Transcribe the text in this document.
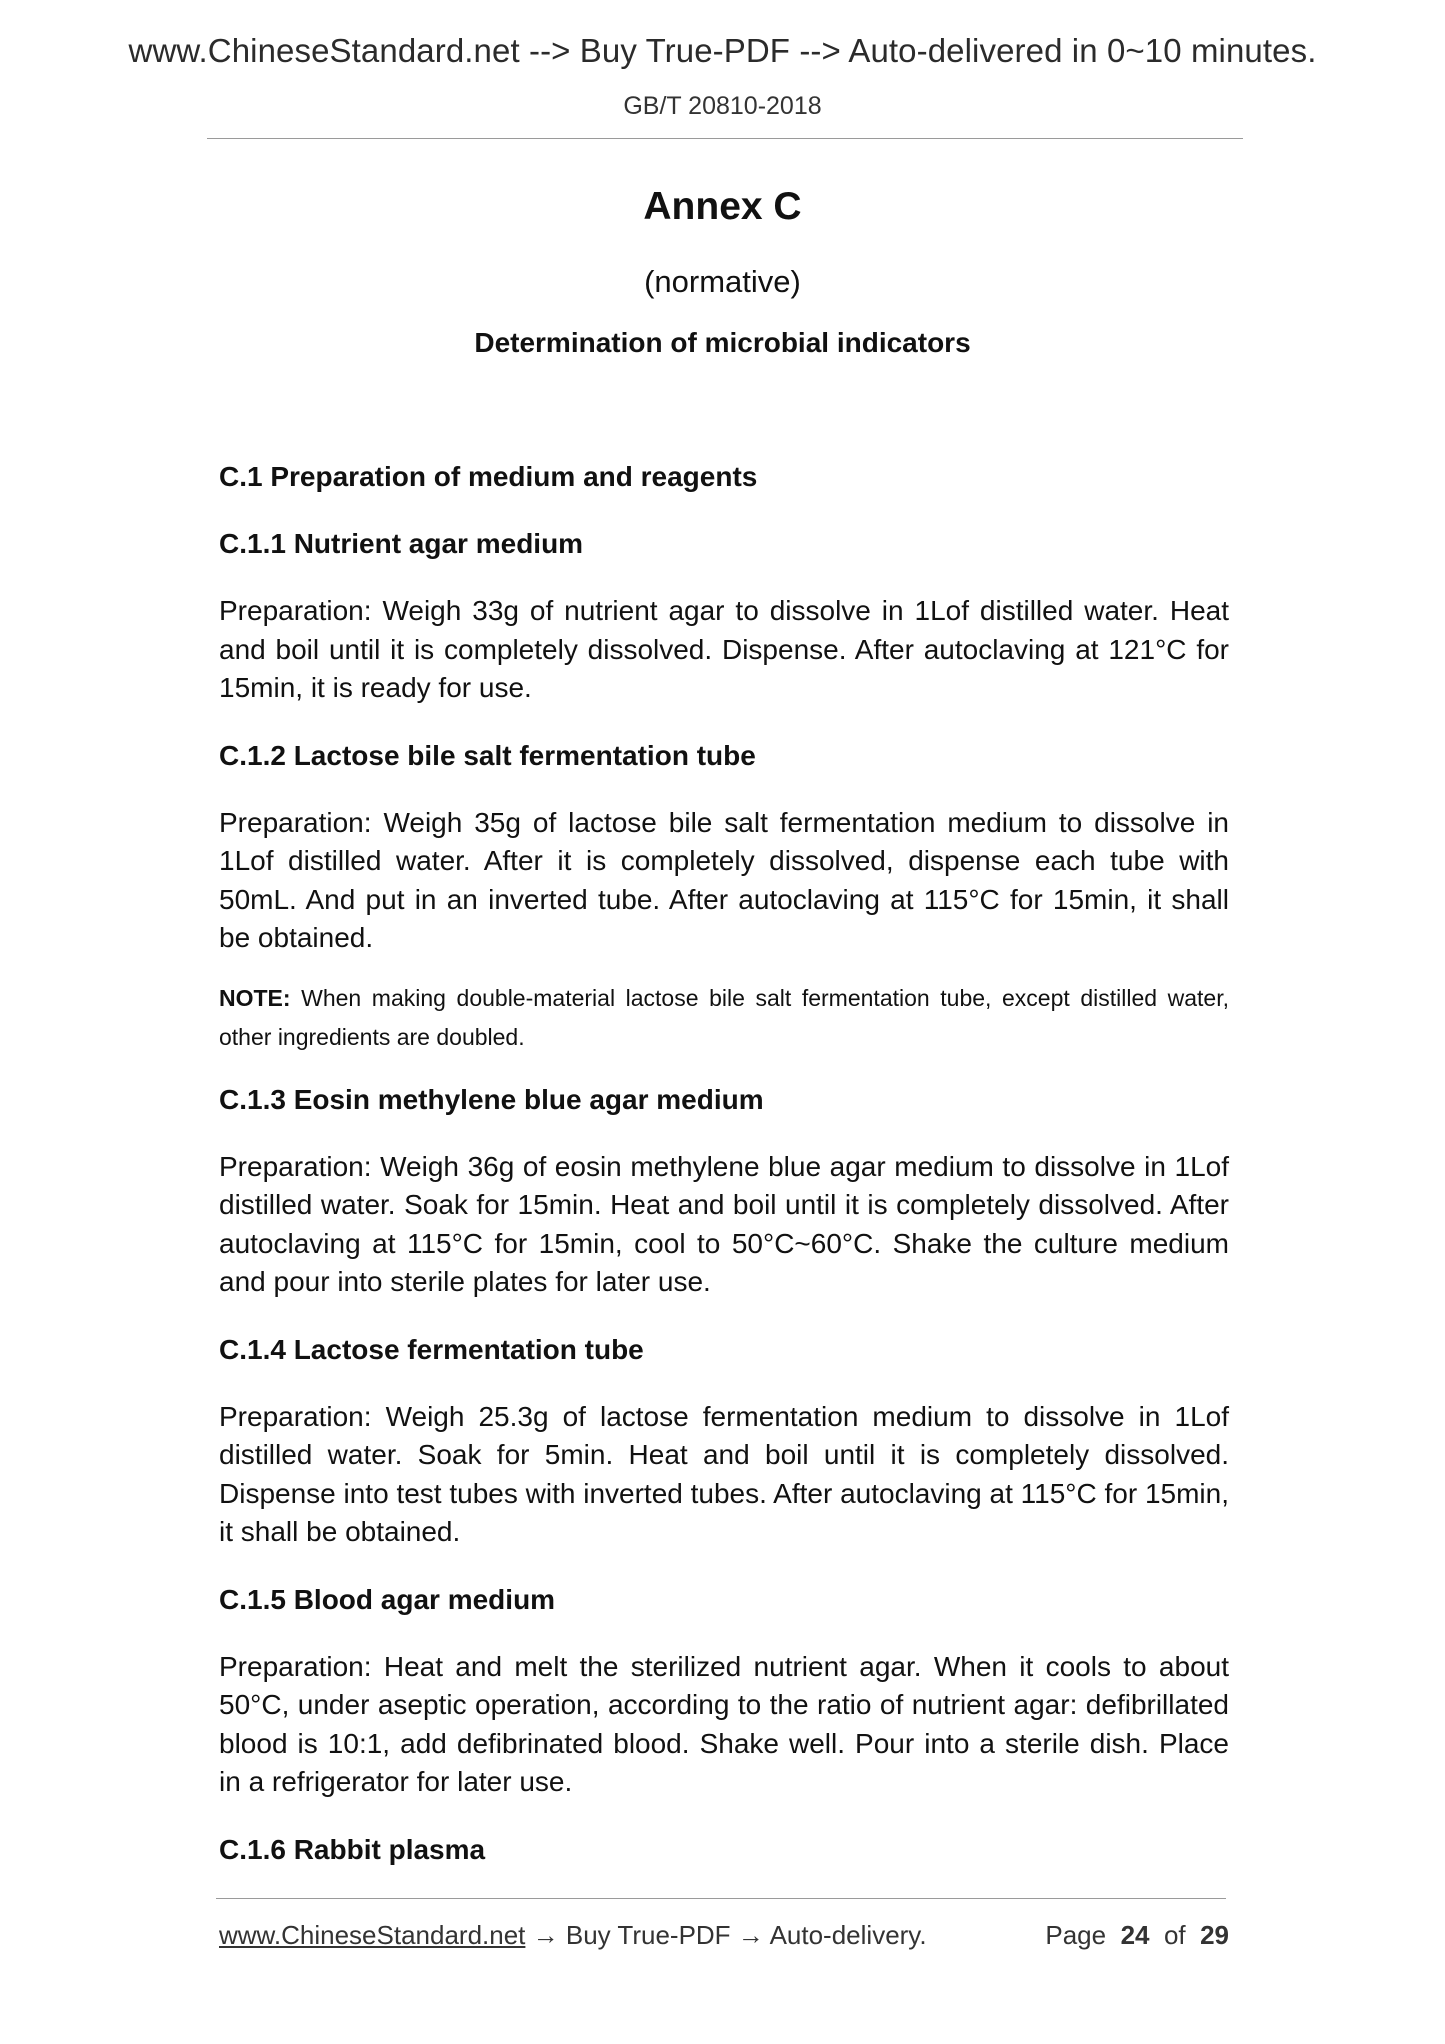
www.ChineseStandard.net --> Buy True-PDF --> Auto-delivered in 0~10 minutes.
GB/T 20810-2018
Annex C
(normative)
Determination of microbial indicators
C.1 Preparation of medium and reagents
C.1.1 Nutrient agar medium
Preparation: Weigh 33g of nutrient agar to dissolve in 1Lof distilled water. Heat and boil until it is completely dissolved. Dispense. After autoclaving at 121°C for 15min, it is ready for use.
C.1.2 Lactose bile salt fermentation tube
Preparation: Weigh 35g of lactose bile salt fermentation medium to dissolve in 1Lof distilled water. After it is completely dissolved, dispense each tube with 50mL. And put in an inverted tube. After autoclaving at 115°C for 15min, it shall be obtained.
NOTE: When making double-material lactose bile salt fermentation tube, except distilled water, other ingredients are doubled.
C.1.3 Eosin methylene blue agar medium
Preparation: Weigh 36g of eosin methylene blue agar medium to dissolve in 1Lof distilled water. Soak for 15min. Heat and boil until it is completely dissolved. After autoclaving at 115°C for 15min, cool to 50°C~60°C. Shake the culture medium and pour into sterile plates for later use.
C.1.4 Lactose fermentation tube
Preparation: Weigh 25.3g of lactose fermentation medium to dissolve in 1Lof distilled water. Soak for 5min. Heat and boil until it is completely dissolved. Dispense into test tubes with inverted tubes. After autoclaving at 115°C for 15min, it shall be obtained.
C.1.5 Blood agar medium
Preparation: Heat and melt the sterilized nutrient agar. When it cools to about 50°C, under aseptic operation, according to the ratio of nutrient agar: defibrillated blood is 10:1, add defibrinated blood. Shake well. Pour into a sterile dish. Place in a refrigerator for later use.
C.1.6 Rabbit plasma
www.ChineseStandard.net → Buy True-PDF → Auto-delivery.	Page 24 of 29
